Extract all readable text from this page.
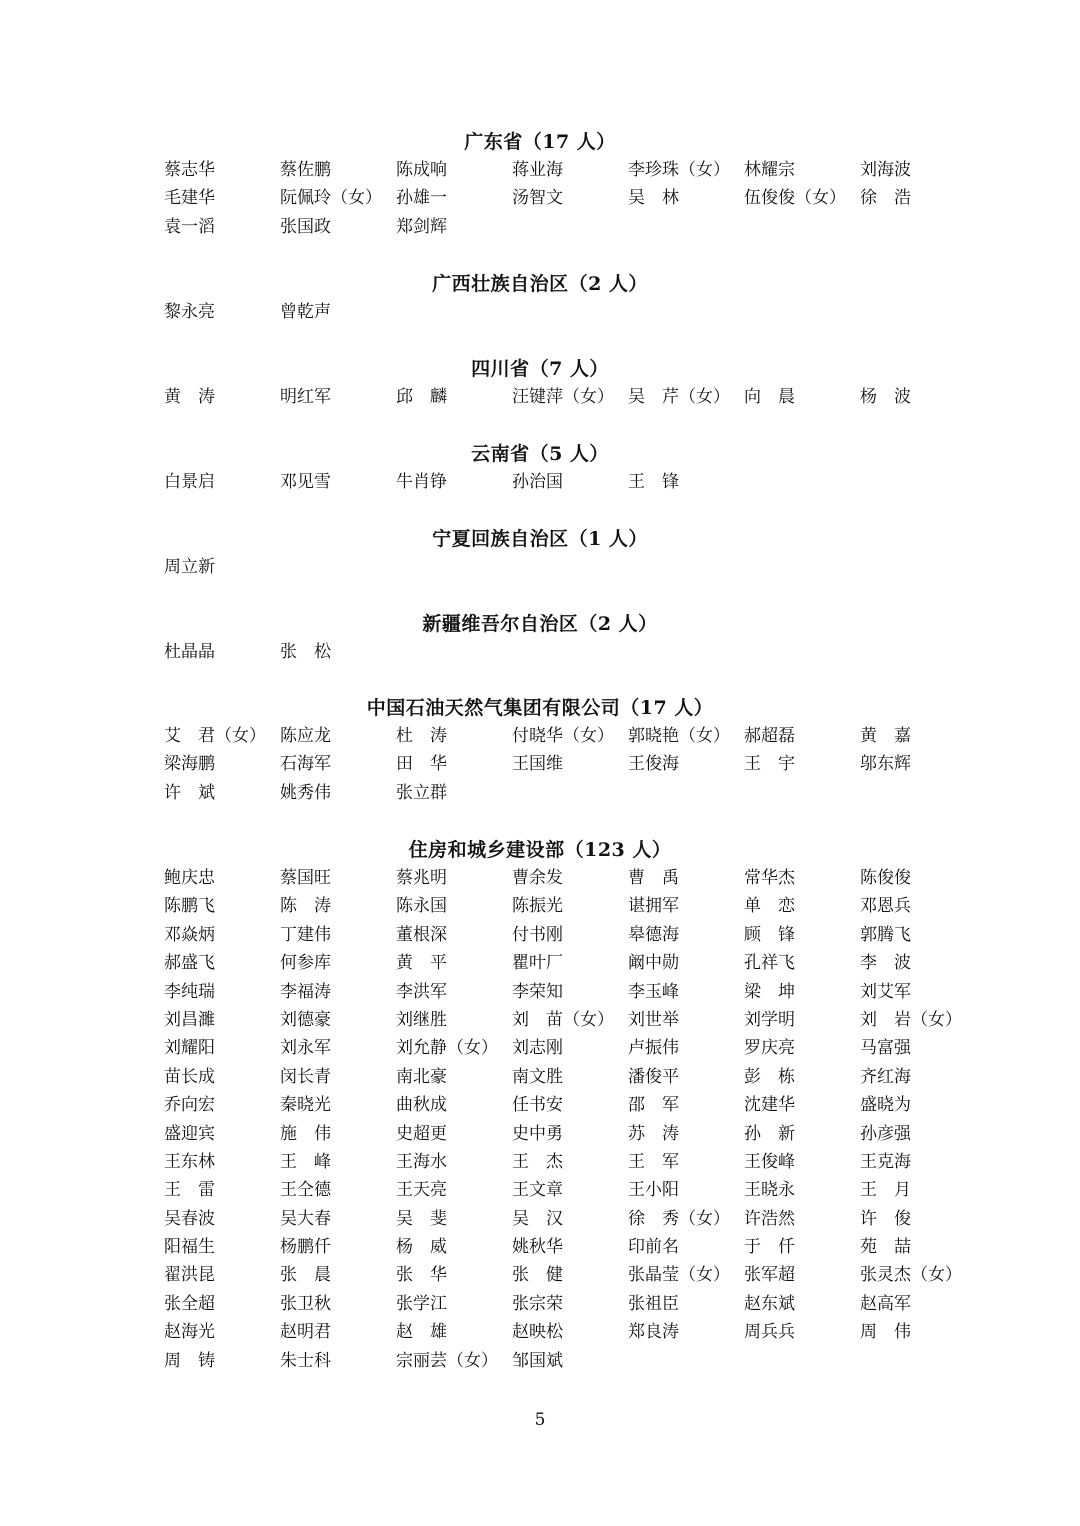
广东省（17 人）
蔡志华	蔡佐鹏	陈成响	蒋业海	李珍珠（女） 林耀宗	刘海波
毛建华	阮佩玲（女） 孙雄一	汤智文	吴　林	伍俊俊（女） 徐　浩
袁一滔	张国政	郑剑辉
广西壮族自治区（2 人）
黎永亮	曾乾声
四川省（7 人）
黄　涛	明红军	邱　麟	汪键萍（女） 吴　芹（女） 向　晨	杨　波
云南省（5 人）
白景启	邓见雪	牛肖铮	孙治国	王　锋
宁夏回族自治区（1 人）
周立新
新疆维吾尔自治区（2 人）
杜晶晶	张　松
中国石油天然气集团有限公司（17 人）
艾　君（女） 陈应龙	杜　涛	付晓华（女） 郭晓艳（女） 郝超磊	黄　嘉
梁海鹏	石海军	田　华	王国维	王俊海	王　宇	邬东辉
许　斌	姚秀伟	张立群
住房和城乡建设部（123 人）
鲍庆忠	蔡国旺	蔡兆明	曹余发	曹　禹	常华杰	陈俊俊
陈鹏飞	陈　涛	陈永国	陈振光	谌拥军	单　恋	邓恩兵
邓焱炳	丁建伟	董根深	付书刚	皋德海	顾　锋	郭腾飞
郝盛飞	何参库	黄　平	瞿叶厂	阚中勋	孔祥飞	李　波
李纯瑞	李福涛	李洪军	李荣知	李玉峰	梁　坤	刘艾军
刘昌濉	刘德豪	刘继胜	刘　苗（女） 刘世举	刘学明	刘　岩（女）
刘耀阳	刘永军	刘允静（女） 刘志刚	卢振伟	罗庆亮	马富强
苗长成	闵长青	南北豪	南文胜	潘俊平	彭　栋	齐红海
乔向宏	秦晓光	曲秋成	任书安	邵　军	沈建华	盛晓为
盛迎宾	施　伟	史超更	史中勇	苏　涛	孙　新	孙彦强
王东林	王　峰	王海水	王　杰	王　军	王俊峰	王克海
王　雷	王仝德	王天亮	王文章	王小阳	王晓永	王　月
吴春波	吴大春	吴　斐	吴　汉	徐　秀（女） 许浩然	许　俊
阳福生	杨鹏仟	杨　威	姚秋华	印前名	于　仟	苑　喆
翟洪昆	张　晨	张　华	张　健	张晶莹（女） 张军超	张灵杰（女）
张全超	张卫秋	张学江	张宗荣	张祖臣	赵东斌	赵高军
赵海光	赵明君	赵　雄	赵映松	郑良涛	周兵兵	周　伟
周　铸	朱士科	宗丽芸（女） 邹国斌
5
